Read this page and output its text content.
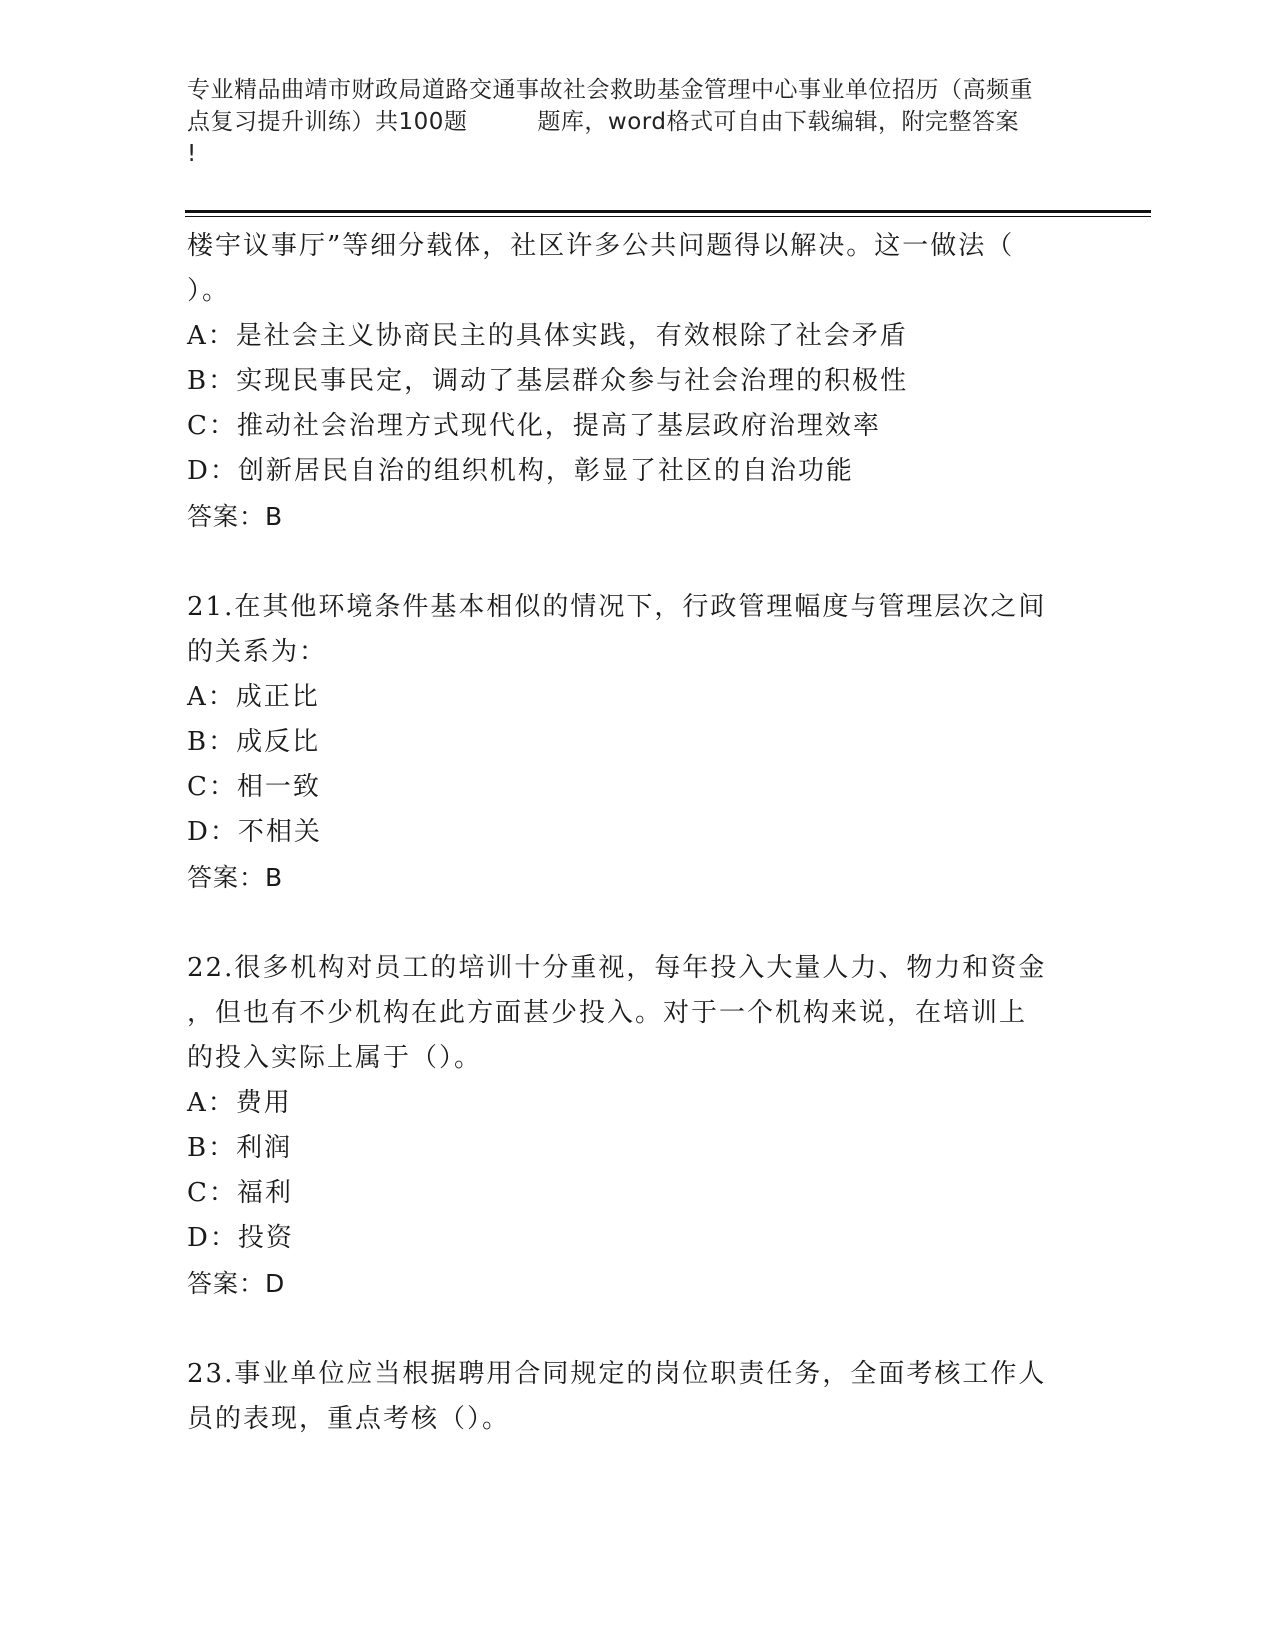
专业精品曲靖市财政局道路交通事故社会救助基金管理中心事业单位招历（高频重
点复习提升训练）共100题	题库，word格式可自由下载编辑，附完整答案
!
楼宇议事厅”等细分载体，社区许多公共问题得以解决。这一做法（
）。
A：是社会主义协商民主的具体实践，有效根除了社会矛盾
B：实现民事民定，调动了基层群众参与社会治理的积极性
C：推动社会治理方式现代化，提高了基层政府治理效率
D：创新居民自治的组织机构，彰显了社区的自治功能
答案：B
21.在其他环境条件基本相似的情况下，行政管理幅度与管理层次之间
的关系为：
A：成正比
B：成反比
C：相一致
D：不相关
答案：B
22.很多机构对员工的培训十分重视，每年投入大量人力、物力和资金
，但也有不少机构在此方面甚少投入。对于一个机构来说，在培训上
的投入实际上属于（）。
A：费用
B：利润
C：福利
D：投资
答案：D
23.事业单位应当根据聘用合同规定的岗位职责任务，全面考核工作人
员的表现，重点考核（）。
